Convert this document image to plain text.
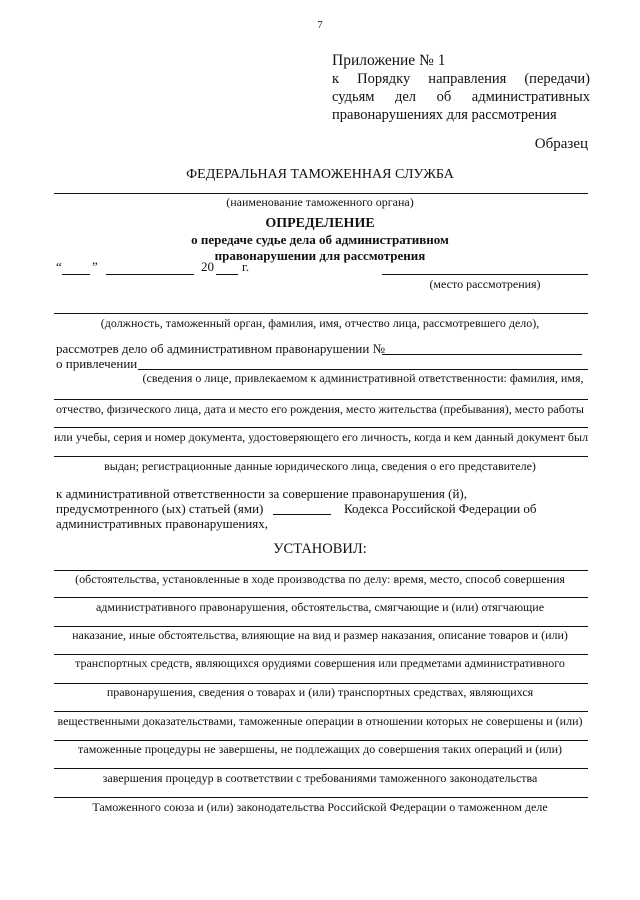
7
Приложение № 1
к Порядку направления (передачи)
судьям дел об административных
правонарушениях для рассмотрения
Образец
ФЕДЕРАЛЬНАЯ ТАМОЖЕННАЯ СЛУЖБА
(наименование таможенного органа)
ОПРЕДЕЛЕНИЕ
о передаче судье дела об административном
правонарушении для рассмотрения
“ ”	20 г.
(место рассмотрения)
(должность, таможенный орган, фамилия, имя, отчество лица, рассмотревшего дело),
рассмотрев дело об административном правонарушении №
о привлечении
(сведения о лице, привлекаемом к административной ответственности: фамилия, имя,
отчество, физического лица, дата и место его рождения, место жительства (пребывания), место работы
или учебы, серия и номер документа, удостоверяющего его личность, когда и кем данный документ был
выдан; регистрационные данные юридического лица, сведения о его представителе)
к административной ответственности за совершение правонарушения (й),
предусмотренного (ых) статьей (ями)	Кодекса Российской Федерации об
административных правонарушениях,
УСТАНОВИЛ:
(обстоятельства, установленные в ходе производства по делу: время, место, способ совершения
административного правонарушения, обстоятельства, смягчающие и (или) отягчающие
наказание, иные обстоятельства, влияющие на вид и размер наказания, описание товаров и (или)
транспортных средств, являющихся орудиями совершения или предметами административного
правонарушения, сведения о товарах и (или) транспортных средствах, являющихся
вещественными доказательствами, таможенные операции в отношении которых не совершены и (или)
таможенные процедуры не завершены, не подлежащих до совершения таких операций и (или)
завершения процедур в соответствии с требованиями таможенного законодательства
Таможенного союза и (или) законодательства Российской Федерации о таможенном деле
